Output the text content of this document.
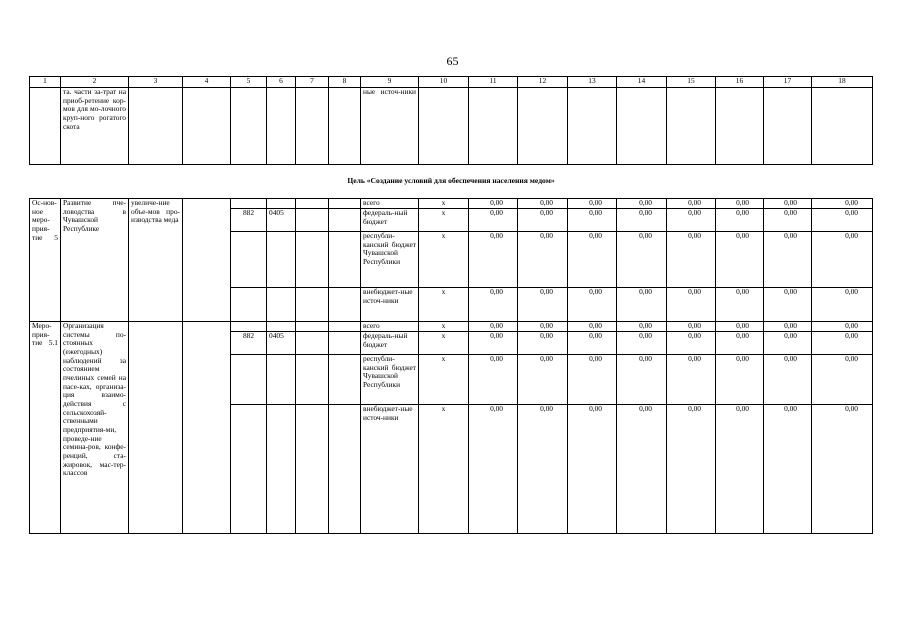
65
1	2	3	4	5	6	7	8	9	10	11	12	13	14	15	16	17	18
	та. части за-трат на приоб-ретение кор-мов для мо-лочного круп-ного рогатого скота							ные источ-ники									
Цель «Создание условий для обеспечения населения медом»																	
Ос-нов-ное меро-прия-тие 5	Развитие пче-ловодства в Чувашской Республике	увеличе-ние объе-мов про-изводства меда						всего	x	0,00	0,00	0,00	0,00	0,00	0,00	0,00	0,00
				882	0405			федераль-ный бюджет	x	0,00	0,00	0,00	0,00	0,00	0,00	0,00	0,00
								республи-канский бюджет Чувашской Республики	x	0,00	0,00	0,00	0,00	0,00	0,00	0,00	0,00
								внебюджет-ные источ-ники	x	0,00	0,00	0,00	0,00	0,00	0,00	0,00	0,00
Меро-прия-тие 5.1	Организация системы по-стоянных (ежегодных) наблюдений за состоянием пчелиных семей на пасе-ках, организа-ция взаимо-действия с сельскохозяй-ственными предприятия-ми, проведе-ние семина-ров, конфе-ренций, ста-жировок, мас-тер-классов							всего	x	0,00	0,00	0,00	0,00	0,00	0,00	0,00	0,00
				882	0405			федераль-ный бюджет	x	0,00	0,00	0,00	0,00	0,00	0,00	0,00	0,00
								республи-канский бюджет Чувашской Республики	x	0,00	0,00	0,00	0,00	0,00	0,00	0,00	0,00
								внебюджет-ные источ-ники	x	0,00	0,00	0,00	0,00	0,00	0,00	0,00	0,00
